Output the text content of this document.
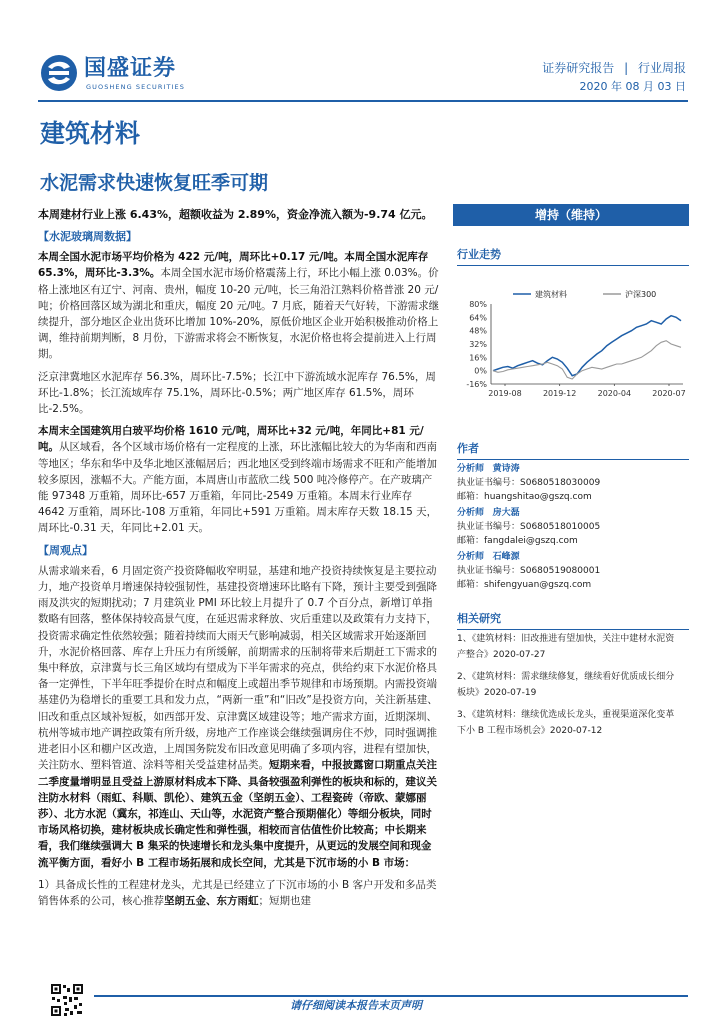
国盛证券
GUOSHENG SECURITIES
证券研究报告 | 行业周报
2020 年 08 月 03 日
建筑材料
水泥需求快速恢复旺季可期

本周建材行业上涨 6.43%，超额收益为 2.89%，资金净流入额为-9.74 亿元。

【水泥玻璃周数据】

本周全国水泥市场平均价格为 422 元/吨，周环比+0.17 元/吨。本周全国水泥库存 65.3%，周环比-3.3%。本周全国水泥市场价格震荡上行，环比小幅上涨 0.03%。价格上涨地区有辽宁、河南、贵州，幅度 10-20 元/吨，长三角沿江熟料价格普涨 20 元/吨；价格回落区域为湖北和重庆，幅度 20 元/吨。7 月底，随着天气好转，下游需求继续提升，部分地区企业出货环比增加 10%-20%，原低价地区企业开始积极推动价格上调，维持前期判断，8 月份，下游需求将会不断恢复，水泥价格也将会提前进入上行周期。

泛京津冀地区水泥库存 56.3%，周环比-7.5%；长江中下游流域水泥库存 76.5%，周环比-1.8%；长江流域库存 75.1%，周环比-0.5%；两广地区库存 61.5%，周环比-2.5%。

本周末全国建筑用白玻平均价格 1610 元/吨，周环比+32 元/吨，年同比+81 元/吨。从区域看，各个区域市场价格有一定程度的上涨，环比涨幅比较大的为华南和西南等地区；华东和华中及华北地区涨幅居后；西北地区受到终端市场需求不旺和产能增加较多原因，涨幅不大。产能方面，本周唐山市蓝欣二线 500 吨冷修停产。在产玻璃产能 97348 万重箱，周环比-657 万重箱，年同比-2549 万重箱。本周末行业库存 4642 万重箱，周环比-108 万重箱，年同比+591 万重箱。周末库存天数 18.15 天，周环比-0.31 天，年同比+2.01 天。

【周观点】

从需求端来看，6 月固定资产投资降幅收窄明显，基建和地产投资持续恢复是主要拉动力，地产投资单月增速保持较强韧性，基建投资增速环比略有下降，预计主要受到强降雨及洪灾的短期扰动；7 月建筑业 PMI 环比较上月提升了 0.7 个百分点，新增订单指数略有回落，整体保持较高景气度，在延迟需求释放、灾后重建以及政策有力支持下，投资需求确定性依然较强；随着持续而大雨天气影响减弱，相关区域需求开始逐渐回升，水泥价格回落、库存上升压力有所缓解，前期需求的压制将带来后期赶工下需求的集中释放，京津冀与长三角区域均有望成为下半年需求的亮点，供给约束下水泥价格具备一定弹性，下半年旺季提价在时点和幅度上或超出季节规律和市场预期。内需投资端基建仍为稳增长的重要工具和发力点，“两新一重”和“旧改”是投资方向，关注新基建、旧改和重点区域补短板，如西部开发、京津冀区域建设等；地产需求方面，近期深圳、杭州等城市地产调控政策有所升级，房地产工作座谈会继续强调房住不炒，同时强调推进老旧小区和棚户区改造，上周国务院发布旧改意见明确了多项内容，进程有望加快，关注防水、塑料管道、涂料等相关受益建材品类。短期来看，中报披露窗口期重点关注二季度量增明显且受益上游原材料成本下降、具备较强盈利弹性的板块和标的，建议关注防水材料（雨虹、科顺、凯伦）、建筑五金（坚朗五金）、工程瓷砖（帝欧、蒙娜丽莎）、北方水泥（冀东，祁连山、天山等，水泥资产整合预期催化）等细分板块，同时市场风格切换，建材板块成长确定性和弹性强，相较而言估值性价比较高；中长期来看，我们继续强调大 B 集采的快速增长和龙头集中度提升，从更远的发展空间和现金流平衡方面，看好小 B 工程市场拓展和成长空间，尤其是下沉市场的小 B 市场：

1）具备成长性的工程建材龙头，尤其是已经建立了下沉市场的小 B 客户开发和多品类销售体系的公司，核心推荐坚朗五金、东方雨虹；短期也建

增持（维持）
行业走势
80%
64%
48%
32%
16%
0%
-16%
2019-08	2019-12	2020-04	2020-07
建筑材料	沪深300
作者
分析师 黄诗涛
执业证书编号：S0680518030009
邮箱：huangshitao@gszq.com
分析师 房大磊
执业证书编号：S0680518010005
邮箱：fangdalei@gszq.com
分析师 石峰源
执业证书编号：S0680519080001
邮箱：shifengyuan@gszq.com
相关研究
1、《建筑材料：旧改推进有望加快，关注中建材水泥资
产整合》2020-07-27
2、《建筑材料：需求继续修复，继续看好优质成长细分
板块》2020-07-19
3、《建筑材料：继续优选成长龙头，重视渠道深化变革
下小 B 工程市场机会》2020-07-12
请仔细阅读本报告末页声明
